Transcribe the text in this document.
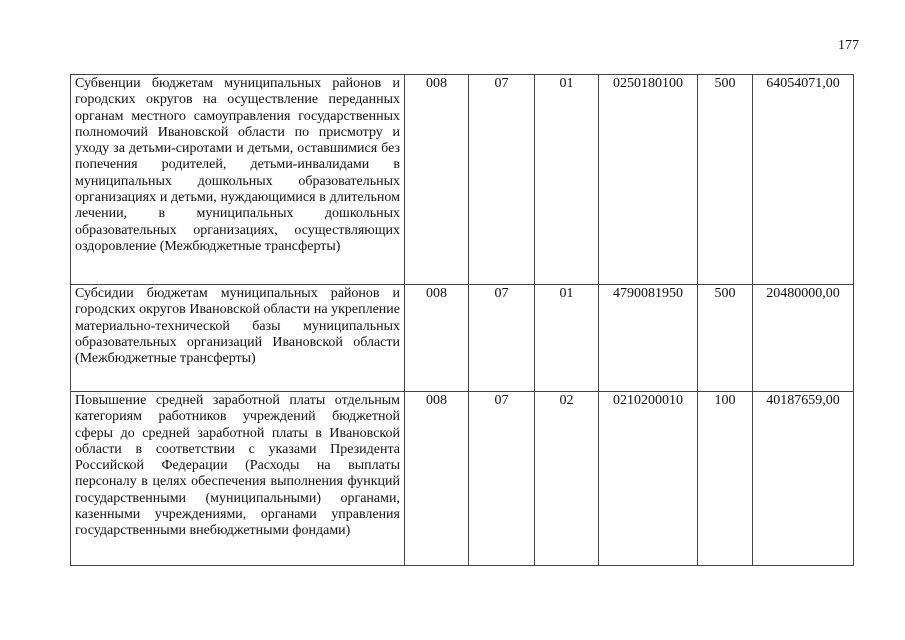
177
Субвенции бюджетам муниципальных районов и городских округов на осуществление переданных органам местного самоуправления государственных полномочий Ивановской области по присмотру и уходу за детьми-сиротами и детьми, оставшимися без попечения родителей, детьми-инвалидами в муниципальных дошкольных образовательных организациях и детьми, нуждающимися в длительном лечении, в муниципальных дошкольных образовательных организациях, осуществляющих оздоровление (Межбюджетные трансферты)	008	07	01	0250180100	500	64054071,00
Субсидии бюджетам муниципальных районов и городских округов Ивановской области на укрепление материально-технической базы муниципальных образовательных организаций Ивановской области (Межбюджетные трансферты)	008	07	01	4790081950	500	20480000,00
Повышение средней заработной платы отдельным категориям работников учреждений бюджетной сферы до средней заработной платы в Ивановской области в соответствии с указами Президента Российской Федерации (Расходы на выплаты персоналу в целях обеспечения выполнения функций государственными (муниципальными) органами, казенными учреждениями, органами управления государственными внебюджетными фондами)	008	07	02	0210200010	100	40187659,00
